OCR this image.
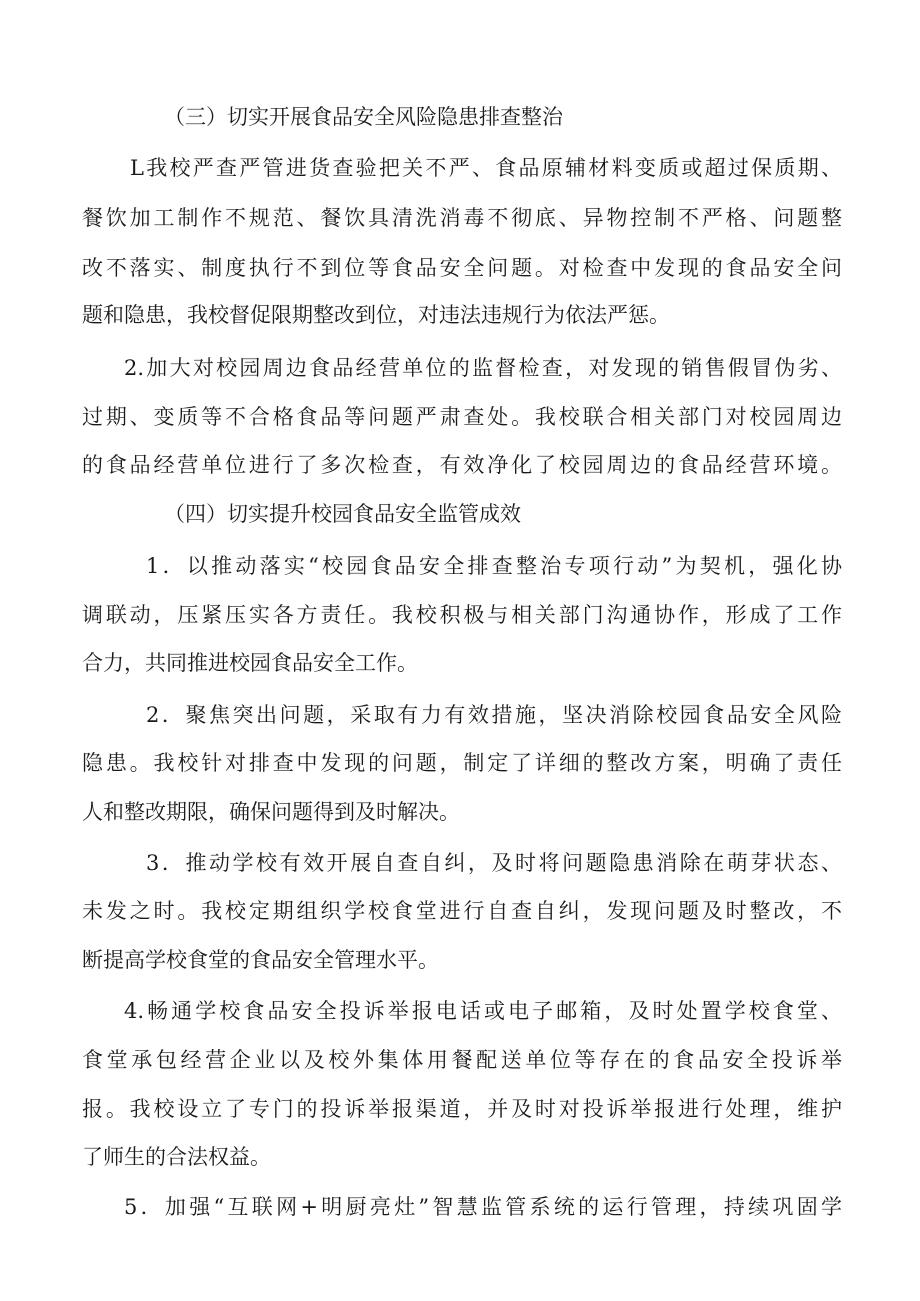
（三）切实开展食品安全风险隐患排查整治
L我校严查严管进货查验把关不严、食品原辅材料变质或超过保质期、
餐饮加工制作不规范、餐饮具清洗消毒不彻底、异物控制不严格、问题整
改不落实、制度执行不到位等食品安全问题。对检查中发现的食品安全问
题和隐患，我校督促限期整改到位，对违法违规行为依法严惩。
2.加大对校园周边食品经营单位的监督检查，对发现的销售假冒伪劣、
过期、变质等不合格食品等问题严肃查处。我校联合相关部门对校园周边
的食品经营单位进行了多次检查，有效净化了校园周边的食品经营环境。
（四）切实提升校园食品安全监管成效
1．以推动落实“校园食品安全排查整治专项行动”为契机，强化协
调联动，压紧压实各方责任。我校积极与相关部门沟通协作，形成了工作
合力，共同推进校园食品安全工作。
2．聚焦突出问题，采取有力有效措施，坚决消除校园食品安全风险
隐患。我校针对排查中发现的问题，制定了详细的整改方案，明确了责任
人和整改期限，确保问题得到及时解决。
3．推动学校有效开展自查自纠，及时将问题隐患消除在萌芽状态、
未发之时。我校定期组织学校食堂进行自查自纠，发现问题及时整改，不
断提高学校食堂的食品安全管理水平。
4.畅通学校食品安全投诉举报电话或电子邮箱，及时处置学校食堂、
食堂承包经营企业以及校外集体用餐配送单位等存在的食品安全投诉举
报。我校设立了专门的投诉举报渠道，并及时对投诉举报进行处理，维护
了师生的合法权益。
5．加强“互联网+明厨亮灶”智慧监管系统的运行管理，持续巩固学
